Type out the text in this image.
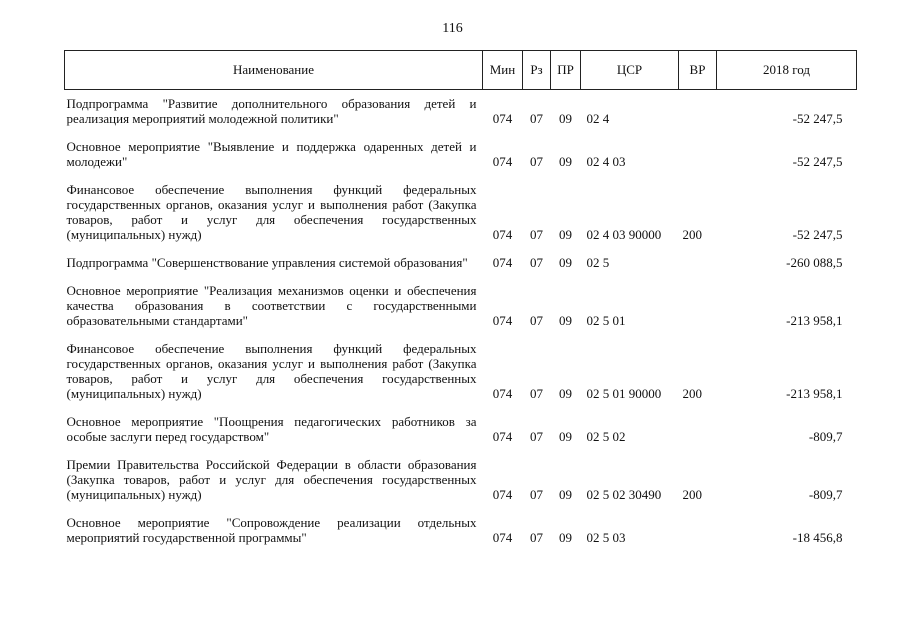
116
Наименование	Мин	Рз	ПР	ЦСР	ВР	2018 год
Подпрограмма "Развитие дополнительного образования детей и реализация мероприятий молодежной политики"	074	07	09	02 4		-52 247,5
Основное мероприятие "Выявление и поддержка одаренных детей и молодежи"	074	07	09	02 4 03		-52 247,5
Финансовое обеспечение выполнения функций федеральных государственных органов, оказания услуг и выполнения работ (Закупка товаров, работ и услуг для обеспечения государственных (муниципальных) нужд)	074	07	09	02 4 03 90000	200	-52 247,5
Подпрограмма "Совершенствование управления системой образования"	074	07	09	02 5		-260 088,5
Основное мероприятие "Реализация механизмов оценки и обеспечения качества образования в соответствии с государственными образовательными стандартами"	074	07	09	02 5 01		-213 958,1
Финансовое обеспечение выполнения функций федеральных государственных органов, оказания услуг и выполнения работ (Закупка товаров, работ и услуг для обеспечения государственных (муниципальных) нужд)	074	07	09	02 5 01 90000	200	-213 958,1
Основное мероприятие "Поощрения педагогических работников за особые заслуги перед государством"	074	07	09	02 5 02		-809,7
Премии Правительства Российской Федерации в области образования (Закупка товаров, работ и услуг для обеспечения государственных (муниципальных) нужд)	074	07	09	02 5 02 30490	200	-809,7
Основное мероприятие "Сопровождение реализации отдельных мероприятий государственной программы"	074	07	09	02 5 03		-18 456,8
